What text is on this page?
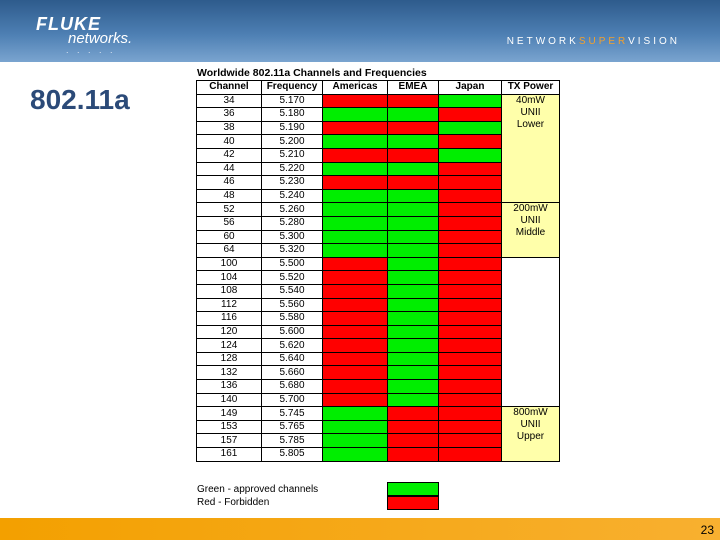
FLUKE
networks.
. . . . .
NETWORKSUPERVISION
802.11a
Worldwide 802.11a Channels and Frequencies
Channel	Frequency	Americas	EMEA	Japan	TX Power
34	5.170				40mW
UNII
Lower

36	5.180				
38	5.190				
40	5.200				
42	5.210				
44	5.220				
46	5.230				
48	5.240				
52	5.260				200mW
UNII
Middle

56	5.280				
60	5.300				
64	5.320				
100	5.500				
104	5.520				
108	5.540				
112	5.560				
116	5.580				
120	5.600				
124	5.620				
128	5.640				
132	5.660				
136	5.680				
140	5.700				
149	5.745				800mW
UNII
Upper

153	5.765				
157	5.785				
161	5.805				
Green - approved channels
Red - Forbidden
23
